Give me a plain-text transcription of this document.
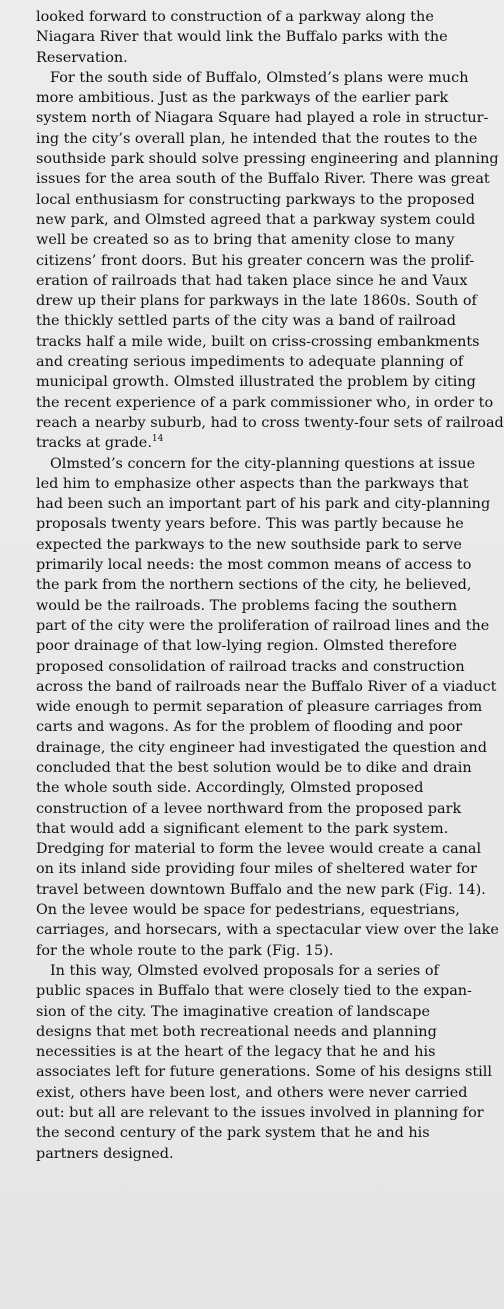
looked forward to construction of a parkway along the
Niagara River that would link the Buffalo parks with the
Reservation.
For the south side of Buffalo, Olmsted’s plans were much
more ambitious. Just as the parkways of the earlier park
system north of Niagara Square had played a role in structur-
ing the city’s overall plan, he intended that the routes to the
southside park should solve pressing engineering and planning
issues for the area south of the Buffalo River. There was great
local enthusiasm for constructing parkways to the proposed
new park, and Olmsted agreed that a parkway system could
well be created so as to bring that amenity close to many
citizens’ front doors. But his greater concern was the prolif-
eration of railroads that had taken place since he and Vaux
drew up their plans for parkways in the late 1860s. South of
the thickly settled parts of the city was a band of railroad
tracks half a mile wide, built on criss-crossing embankments
and creating serious impediments to adequate planning of
municipal growth. Olmsted illustrated the problem by citing
the recent experience of a park commissioner who, in order to
reach a nearby suburb, had to cross twenty-four sets of railroad
tracks at grade.$^{14}$
Olmsted’s concern for the city-planning questions at issue
led him to emphasize other aspects than the parkways that
had been such an important part of his park and city-planning
proposals twenty years before. This was partly because he
expected the parkways to the new southside park to serve
primarily local needs: the most common means of access to
the park from the northern sections of the city, he believed,
would be the railroads. The problems facing the southern
part of the city were the proliferation of railroad lines and the
poor drainage of that low-lying region. Olmsted therefore
proposed consolidation of railroad tracks and construction
across the band of railroads near the Buffalo River of a viaduct
wide enough to permit separation of pleasure carriages from
carts and wagons. As for the problem of flooding and poor
drainage, the city engineer had investigated the question and
concluded that the best solution would be to dike and drain
the whole south side. Accordingly, Olmsted proposed
construction of a levee northward from the proposed park
that would add a significant element to the park system.
Dredging for material to form the levee would create a canal
on its inland side providing four miles of sheltered water for
travel between downtown Buffalo and the new park (Fig. 14).
On the levee would be space for pedestrians, equestrians,
carriages, and horsecars, with a spectacular view over the lake
for the whole route to the park (Fig. 15).
In this way, Olmsted evolved proposals for a series of
public spaces in Buffalo that were closely tied to the expan-
sion of the city. The imaginative creation of landscape
designs that met both recreational needs and planning
necessities is at the heart of the legacy that he and his
associates left for future generations. Some of his designs still
exist, others have been lost, and others were never carried
out: but all are relevant to the issues involved in planning for
the second century of the park system that he and his
partners designed.
